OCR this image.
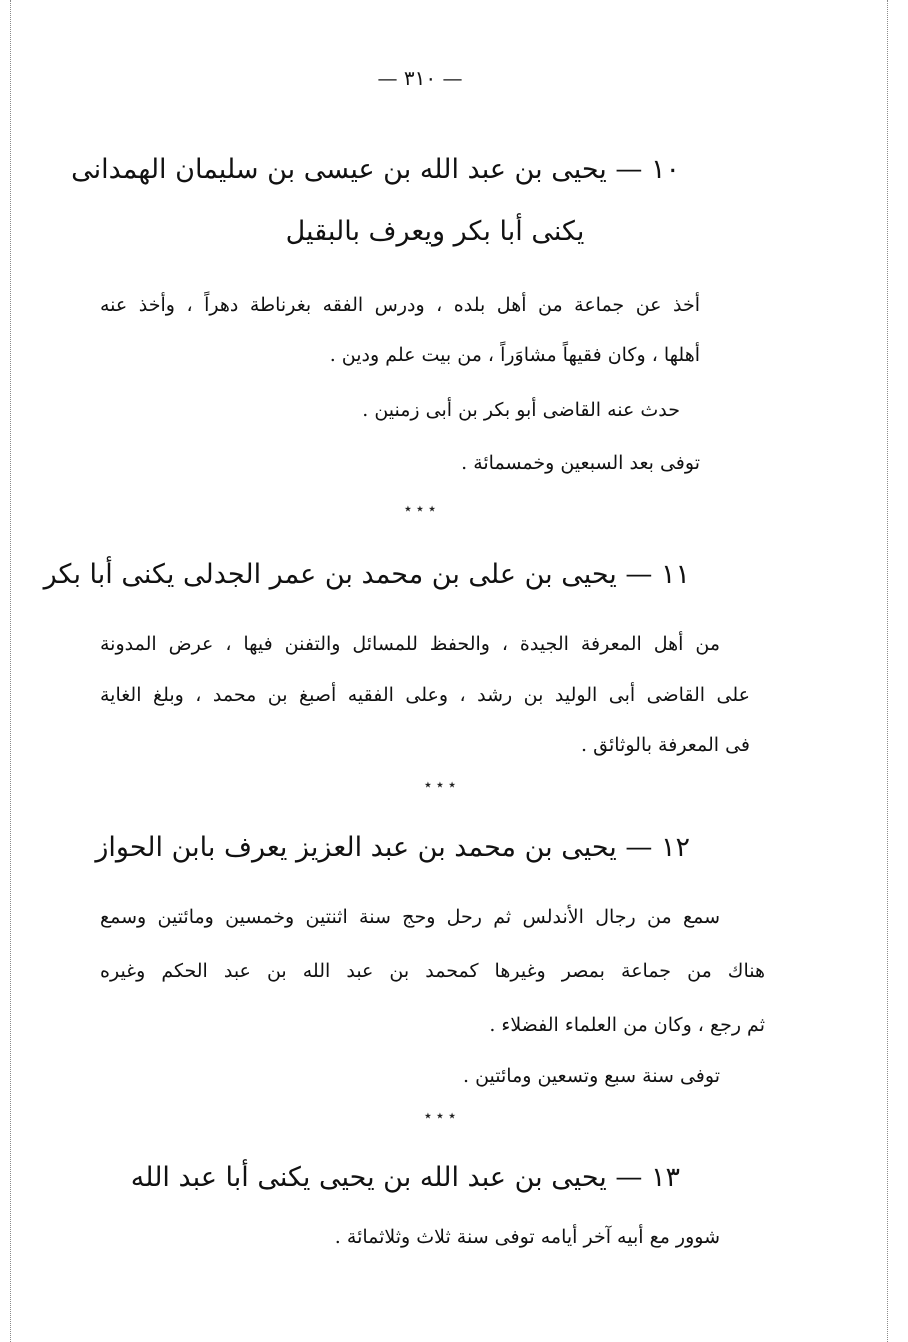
— ٣١٠ —
١٠ — يحيى بن عبد الله بن عيسى بن سليمان الهمدانى
يكنى أبا بكر ويعرف بالبقيل
أخذ عن جماعة من أهل بلده ، ودرس الفقه بغرناطة دهراً ، وأخذ عنه
أهلها ، وكان فقيهاً مشاوَراً ، من بيت علم ودين .
حدث عنه القاضى أبو بكر بن أبى زمنين .
توفى بعد السبعين وخمسمائة .
٭ ٭ ٭
١١ — يحيى بن على بن محمد بن عمر الجدلى يكنى أبا بكر
من أهل المعرفة الجيدة ، والحفظ للمسائل والتفنن فيها ، عرض المدونة
على القاضى أبى الوليد بن رشد ، وعلى الفقيه أصبغ بن محمد ، وبلغ الغاية
فى المعرفة بالوثائق .
٭ ٭ ٭
١٢ — يحيى بن محمد بن عبد العزيز يعرف بابن الحواز
سمع من رجال الأندلس ثم رحل وحج سنة اثنتين وخمسين ومائتين وسمع
هناك من جماعة بمصر وغيرها كمحمد بن عبد الله بن عبد الحكم وغيره
ثم رجع ، وكان من العلماء الفضلاء .
توفى سنة سبع وتسعين ومائتين .
٭ ٭ ٭
١٣ — يحيى بن عبد الله بن يحيى يكنى أبا عبد الله
شوور مع أبيه آخر أيامه توفى سنة ثلاث وثلاثمائة .
